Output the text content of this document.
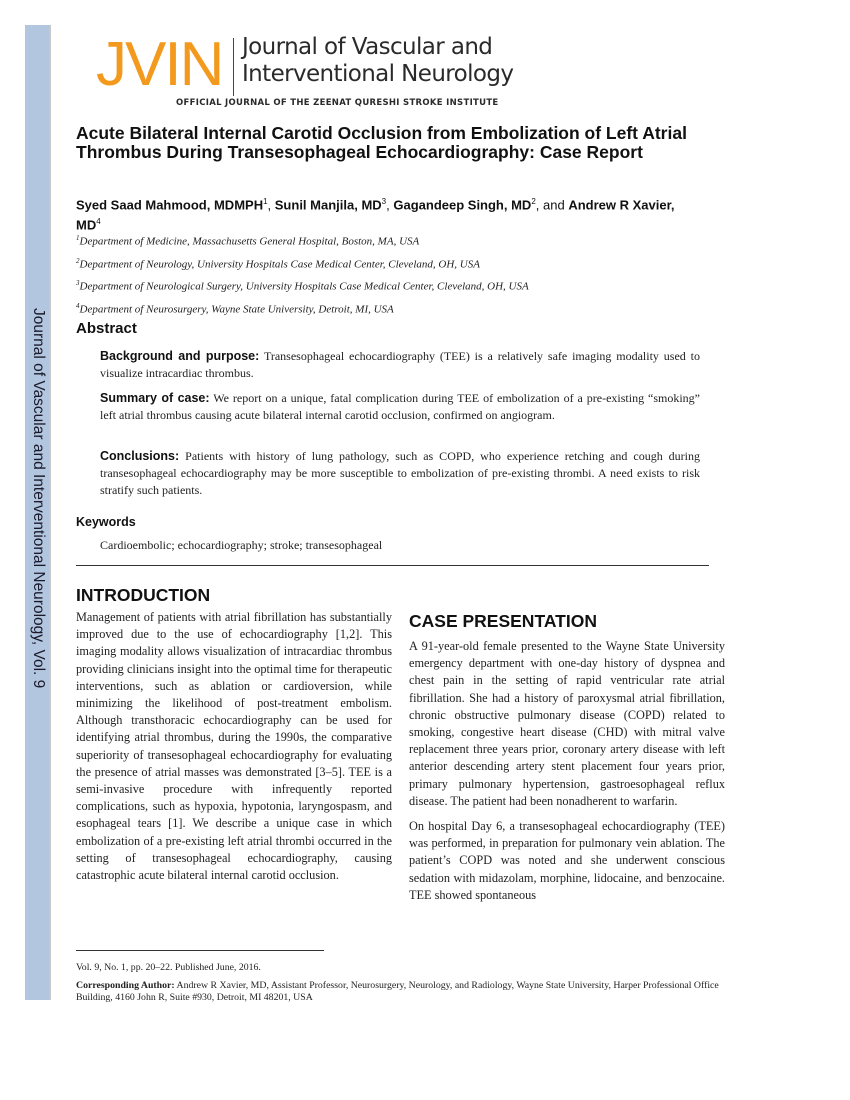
Journal of Vascular and Interventional Neurology, Vol. 9
JVIN Journal of Vascular and
Interventional Neurology
OFFICIAL JOURNAL OF THE ZEENAT QURESHI STROKE INSTITUTE
Acute Bilateral Internal Carotid Occlusion from Embolization of Left Atrial Thrombus During Transesophageal Echocardiography: Case Report
Syed Saad Mahmood, MDMPH$^1$, Sunil Manjila, $MD^3$, Gagandeep Singh, $MD^2$, and Andrew R Xavier, $MD^4$
$^1$Department of Medicine, Massachusetts General Hospital, Boston, MA, USA
$^2$Department of Neurology, University Hospitals Case Medical Center, Cleveland, OH, USA
$^3$Department of Neurological Surgery, University Hospitals Case Medical Center, Cleveland, OH, USA
$^4$Department of Neurosurgery, Wayne State University, Detroit, MI, USA
Abstract
Background and purpose: Transesophageal echocardiography (TEE) is a relatively safe imaging modality used to visualize intracardiac thrombus.
Summary of case: We report on a unique, fatal complication during TEE of embolization of a pre-existing “smoking” left atrial thrombus causing acute bilateral internal carotid occlusion, confirmed on angiogram.
Conclusions: Patients with history of lung pathology, such as COPD, who experience retching and cough during transesophageal echocardiography may be more susceptible to embolization of pre-existing thrombi. A need exists to risk stratify such patients.
Keywords
Cardioembolic; echocardiography; stroke; transesophageal
INTRODUCTION

Management of patients with atrial fibrillation has substantially improved due to the use of echocardiography [1,2]. This imaging modality allows visualization of intracardiac thrombus providing clinicians insight into the optimal time for therapeutic interventions, such as ablation or cardioversion, while minimizing the likelihood of post-treatment embolism. Although transthoracic echocardiography can be used for identifying atrial thrombus, during the 1990s, the comparative superiority of transesophageal echocardiography for evaluating the presence of atrial masses was demonstrated [3–5]. TEE is a semi-invasive procedure with infrequently reported complications, such as hypoxia, hypotonia, laryngospasm, and esophageal tears [1]. We describe a unique case in which embolization of a pre-existing left atrial thrombi occurred in the setting of transesophageal echocardiography, causing catastrophic acute bilateral internal carotid occlusion.

CASE PRESENTATION

A 91-year-old female presented to the Wayne State University emergency department with one-day history of dyspnea and chest pain in the setting of rapid ventricular rate atrial fibrillation. She had a history of paroxysmal atrial fibrillation, chronic obstructive pulmonary disease (COPD) related to smoking, congestive heart disease (CHD) with mitral valve replacement three years prior, coronary artery disease with left anterior descending artery stent placement four years prior, primary pulmonary hypertension, gastroesophageal reflux disease. The patient had been nonadherent to warfarin.

On hospital Day 6, a transesophageal echocardiography (TEE) was performed, in preparation for pulmonary vein ablation. The patient’s COPD was noted and she underwent conscious sedation with midazolam, morphine, lidocaine, and benzocaine. TEE showed spontaneous

Vol. 9, No. 1, pp. 20–22. Published June, 2016.
Corresponding Author: Andrew R Xavier, MD, Assistant Professor, Neurosurgery, Neurology, and Radiology, Wayne State University, Harper Professional Office Building, 4160 John R, Suite #930, Detroit, MI 48201, USA
